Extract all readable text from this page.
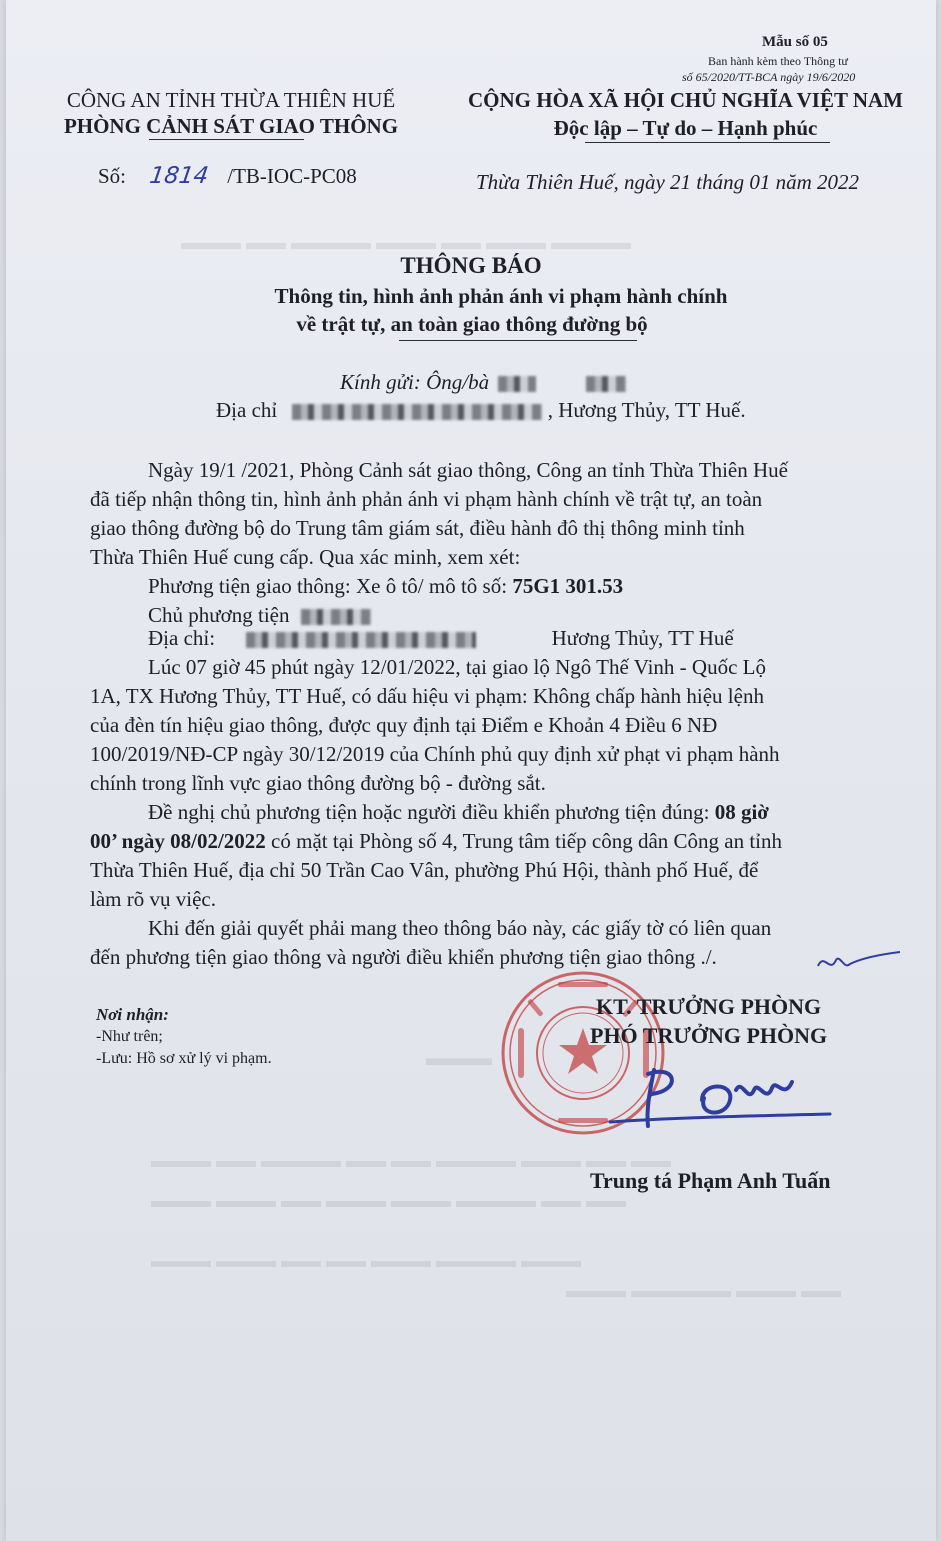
▬▬▬ ▬▬ ▬▬▬▬ ▬▬▬ ▬▬ ▬▬▬ ▬▬▬▬
▬▬▬
▬▬▬ ▬▬ ▬▬▬▬ ▬▬ ▬▬ ▬▬▬▬ ▬▬▬ ▬▬ ▬▬
▬▬▬ ▬▬▬ ▬▬ ▬▬▬ ▬▬▬ ▬▬▬▬ ▬▬ ▬▬
▬▬▬ ▬▬▬ ▬▬ ▬▬ ▬▬▬ ▬▬▬▬ ▬▬▬
▬▬▬ ▬▬▬▬▬ ▬▬▬ ▬▬
Mẫu số 05
Ban hành kèm theo Thông tư
số 65/2020/TT-BCA ngày 19/6/2020
CÔNG AN TỈNH THỪA THIÊN HUẾ
PHÒNG CẢNH SÁT GIAO THÔNG
CỘNG HÒA XÃ HỘI CHỦ NGHĨA VIỆT NAM
Độc lập – Tự do – Hạnh phúc
Số: 1814 /TB-IOC-PC08	Thừa Thiên Huế, ngày 21 tháng 01 năm 2022
THÔNG BÁO
Thông tin, hình ảnh phản ánh vi phạm hành chính
về trật tự, an toàn giao thông đường bộ
Kính gửi: Ông/bà
Địa chỉ	, Hương Thủy, TT Huế.
Ngày 19/1 /2021, Phòng Cảnh sát giao thông, Công an tỉnh Thừa Thiên Huế
đã tiếp nhận thông tin, hình ảnh phản ánh vi phạm hành chính về trật tự, an toàn
giao thông đường bộ do Trung tâm giám sát, điều hành đô thị thông minh tỉnh
Thừa Thiên Huế cung cấp. Qua xác minh, xem xét:
Phương tiện giao thông: Xe ô tô/ mô tô số: 75G1 301.53
Chủ phương tiện
Địa chỉ:	Hương Thủy, TT Huế
Lúc 07 giờ 45 phút ngày 12/01/2022, tại giao lộ Ngô Thế Vinh - Quốc Lộ
1A, TX Hương Thủy, TT Huế, có dấu hiệu vi phạm: Không chấp hành hiệu lệnh
của đèn tín hiệu giao thông, được quy định tại Điểm e Khoản 4 Điều 6 NĐ
100/2019/NĐ-CP ngày 30/12/2019 của Chính phủ quy định xử phạt vi phạm hành
chính trong lĩnh vực giao thông đường bộ - đường sắt.
Đề nghị chủ phương tiện hoặc người điều khiển phương tiện đúng: 08 giờ
00’ ngày 08/02/2022 có mặt tại Phòng số 4, Trung tâm tiếp công dân Công an tỉnh
Thừa Thiên Huế, địa chỉ 50 Trần Cao Vân, phường Phú Hội, thành phố Huế, để
làm rõ vụ việc.
Khi đến giải quyết phải mang theo thông báo này, các giấy tờ có liên quan
đến phương tiện giao thông và người điều khiển phương tiện giao thông ./.
Nơi nhận:
-Như trên;
-Lưu: Hồ sơ xử lý vi phạm.
KT. TRƯỞNG PHÒNG
PHÓ TRƯỞNG PHÒNG
Trung tá Phạm Anh Tuấn
